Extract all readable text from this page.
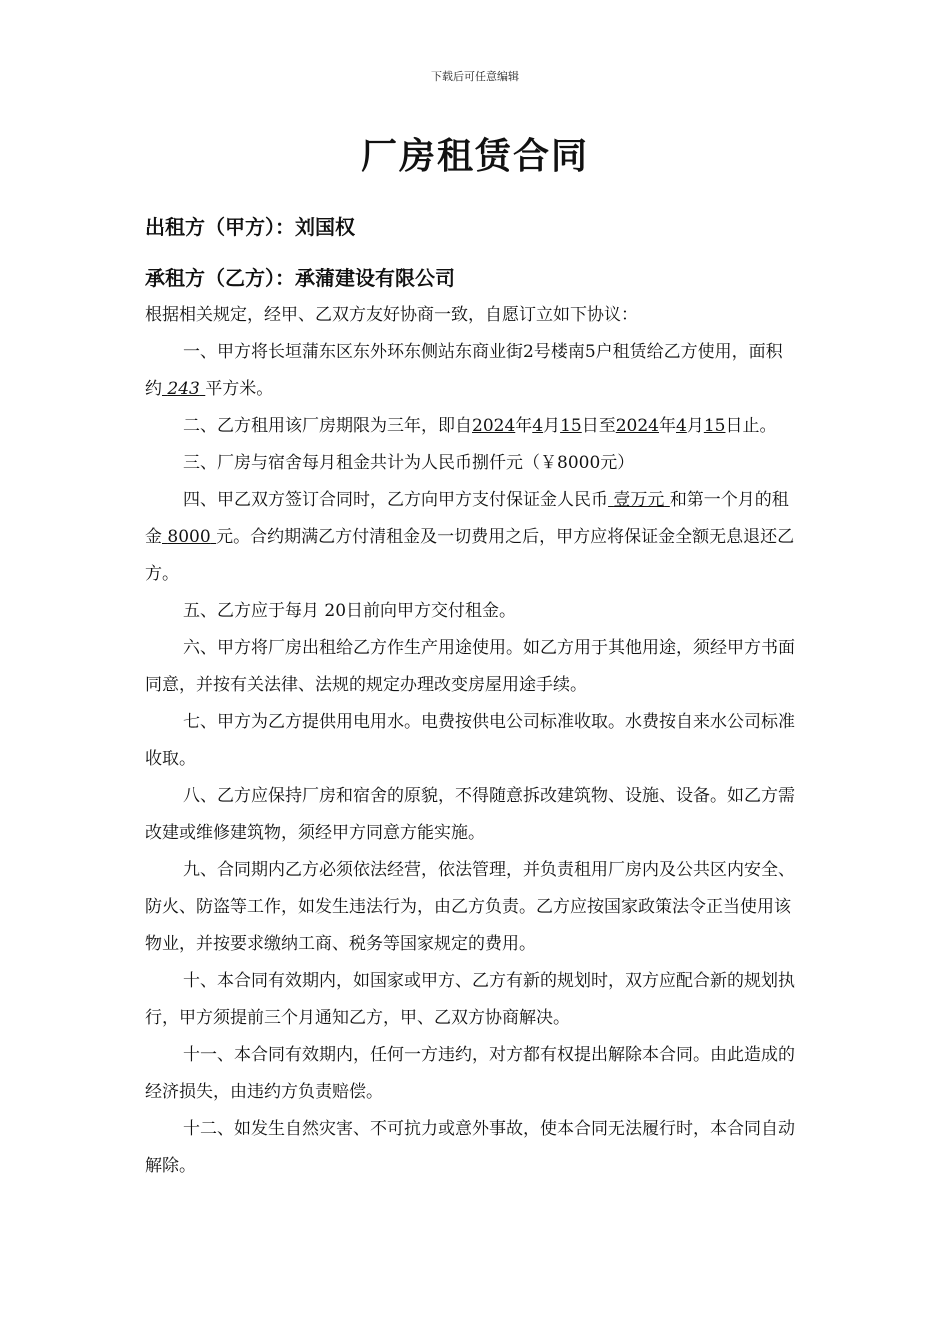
下载后可任意编辑
厂房租赁合同
出租方（甲方）：刘国权
承租方（乙方）：承蒲建设有限公司

根据相关规定，经甲、乙双方友好协商一致，自愿订立如下协议：

一、甲方将长垣蒲东区东外环东侧站东商业街2号楼南5户租赁给乙方使用，面积约 243 平方米。

二、乙方租用该厂房期限为三年，即自2024年4月15日至2024年4月15日止。

三、厂房与宿舍每月租金共计为人民币捌仟元（￥8000元）

四、甲乙双方签订合同时，乙方向甲方支付保证金人民币 壹万元 和第一个月的租金 8000 元。合约期满乙方付清租金及一切费用之后，甲方应将保证金全额无息退还乙方。

五、乙方应于每月 20日前向甲方交付租金。

六、甲方将厂房出租给乙方作生产用途使用。如乙方用于其他用途，须经甲方书面同意，并按有关法律、法规的规定办理改变房屋用途手续。

七、甲方为乙方提供用电用水。电费按供电公司标准收取。水费按自来水公司标准收取。

八、乙方应保持厂房和宿舍的原貌，不得随意拆改建筑物、设施、设备。如乙方需改建或维修建筑物，须经甲方同意方能实施。

九、合同期内乙方必须依法经营，依法管理，并负责租用厂房内及公共区内安全、防火、防盗等工作，如发生违法行为，由乙方负责。乙方应按国家政策法令正当使用该物业，并按要求缴纳工商、税务等国家规定的费用。

十、本合同有效期内，如国家或甲方、乙方有新的规划时，双方应配合新的规划执行，甲方须提前三个月通知乙方，甲、乙双方协商解决。

十一、本合同有效期内，任何一方违约，对方都有权提出解除本合同。由此造成的经济损失，由违约方负责赔偿。

十二、如发生自然灾害、不可抗力或意外事故，使本合同无法履行时，本合同自动解除。
